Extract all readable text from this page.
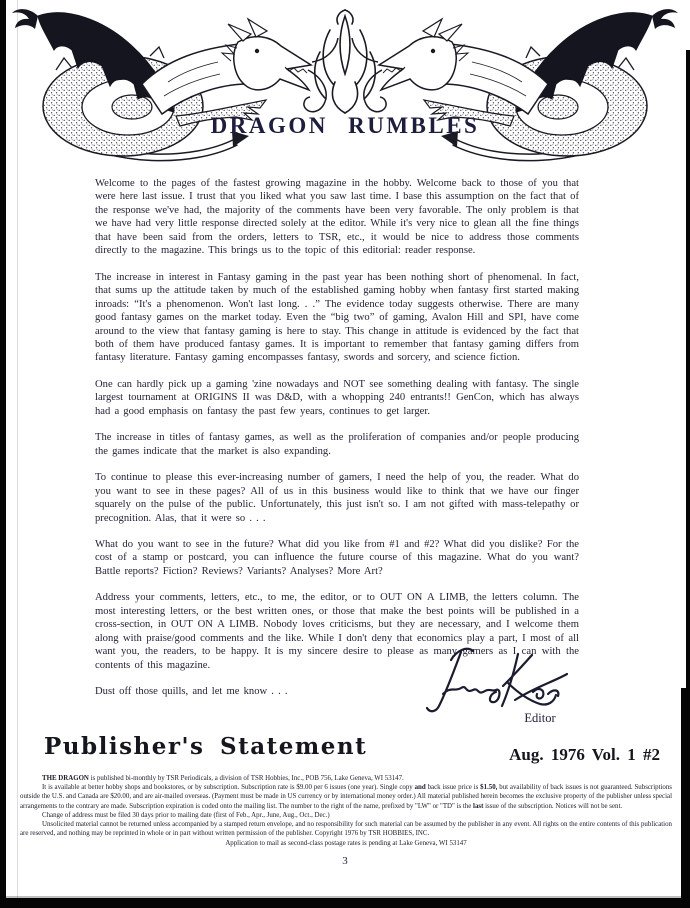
DRAGON RUMBLES

Welcome to the pages of the fastest growing magazine in the hobby. Welcome back to those of you that were here last issue. I trust that you liked what you saw last time. I base this assumption on the fact that of the response we've had, the majority of the comments have been very favorable. The only problem is that we have had very little response directed solely at the editor. While it's very nice to glean all the fine things that have been said from the orders, letters to TSR, etc., it would be nice to address those comments directly to the magazine. This brings us to the topic of this editorial: reader response.

The increase in interest in Fantasy gaming in the past year has been nothing short of phenomenal. In fact, that sums up the attitude taken by much of the established gaming hobby when fantasy first started making inroads: “It's a phenomenon. Won't last long. . .” The evidence today suggests otherwise. There are many good fantasy games on the market today. Even the “big two” of gaming, Avalon Hill and SPI, have come around to the view that fantasy gaming is here to stay. This change in attitude is evidenced by the fact that both of them have produced fantasy games. It is important to remember that fantasy gaming differs from fantasy literature. Fantasy gaming encompasses fantasy, swords and sorcery, and science fiction.

One can hardly pick up a gaming 'zine nowadays and NOT see something dealing with fantasy. The single largest tournament at ORIGINS II was D&D, with a whopping 240 entrants!! GenCon, which has always had a good emphasis on fantasy the past few years, continues to get larger.

The increase in titles of fantasy games, as well as the proliferation of companies and/or people producing the games indicate that the market is also expanding.

To continue to please this ever-increasing number of gamers, I need the help of you, the reader. What do you want to see in these pages? All of us in this business would like to think that we have our finger squarely on the pulse of the public. Unfortunately, this just isn't so. I am not gifted with mass-telepathy or precognition. Alas, that it were so . . .

What do you want to see in the future? What did you like from #1 and #2? What did you dislike? For the cost of a stamp or postcard, you can influence the future course of this magazine. What do you want? Battle reports? Fiction? Reviews? Variants? Analyses? More Art?

Address your comments, letters, etc., to me, the editor, or to OUT ON A LIMB, the letters column. The most interesting letters, or the best written ones, or those that make the best points will be published in a cross-section, in OUT ON A LIMB. Nobody loves criticisms, but they are necessary, and I welcome them along with praise/good comments and the like. While I don't deny that economics play a part, I most of all want you, the readers, to be happy. It is my sincere desire to please as many gamers as I can with the contents of this magazine.

Dust off those quills, and let me know . . .

Editor
Publisher's Statement	Aug. 1976 Vol. 1 #2

THE DRAGON is published bi-monthly by TSR Periodicals, a division of TSR Hobbies, Inc., POB 756, Lake Geneva, WI 53147.

It is available at better hobby shops and bookstores, or by subscription. Subscription rate is $9.00 per 6 issues (one year). Single copy and back issue price is $1.50, but availability of back issues is not guaranteed. Subscriptions outside the U.S. and Canada are $20.00, and are air-mailed overseas. (Payment must be made in US currency or by international money order.) All material published herein becomes the exclusive property of the publisher unless special arrangements to the contrary are made. Subscription expiration is coded onto the mailing list. The number to the right of the name, prefixed by "LW" or "TD" is the last issue of the subscription. Notices will not be sent.

Change of address must be filed 30 days prior to mailing date (first of Feb., Apr., June, Aug., Oct., Dec.)

Unsolicited material cannot be returned unless accompanied by a stamped return envelope, and no responsibility for such material can be assumed by the publisher in any event. All rights on the entire contents of this publication are reserved, and nothing may be reprinted in whole or in part without written permission of the publisher. Copyright 1976 by TSR HOBBIES, INC.

Application to mail as second-class postage rates is pending at Lake Geneva, WI 53147

3
